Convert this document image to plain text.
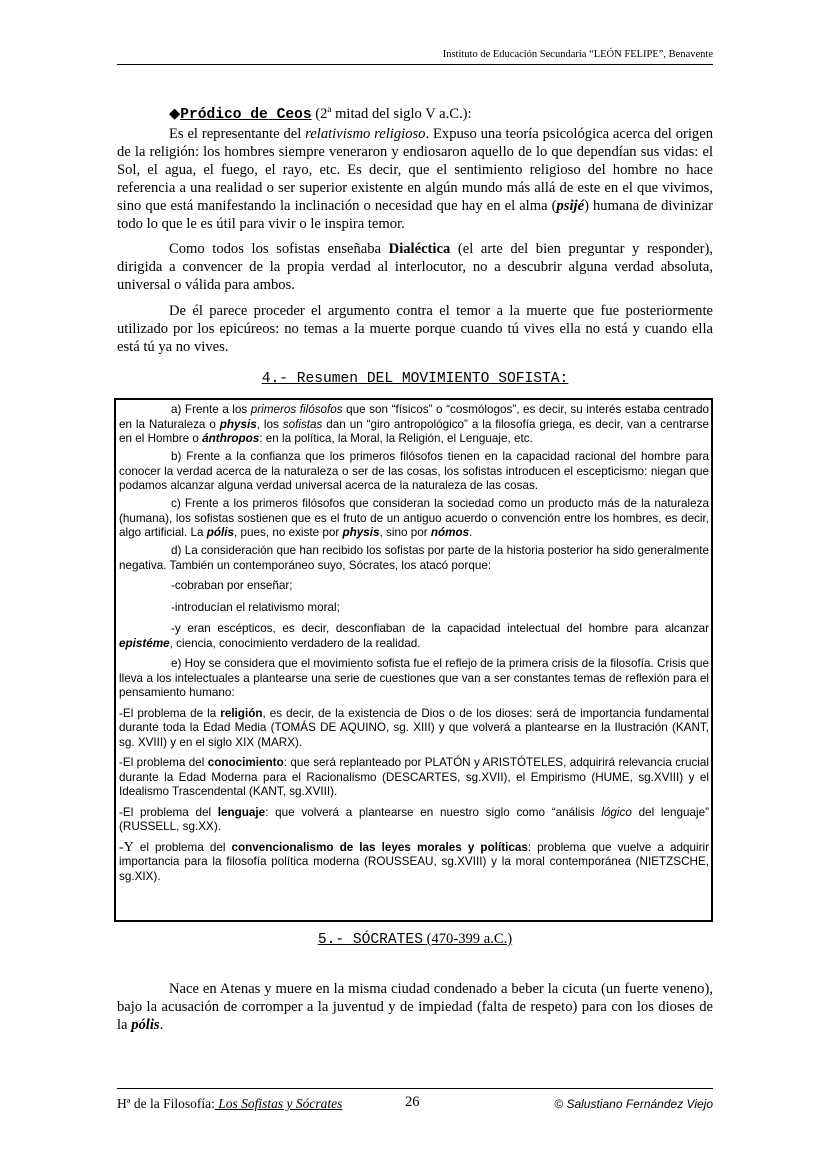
Instituto de Educación Secundaria “LEÓN FELIPE”, Benavente
◆Pródico de Ceos (2$^a$ mitad del siglo V a.C.):
Es el representante del relativismo religioso. Expuso una teoría psicológica acerca del origen de la religión: los hombres siempre veneraron y endiosaron aquello de lo que dependían sus vidas: el Sol, el agua, el fuego, el rayo, etc. Es decir, que el sentimiento religioso del hombre no hace referencia a una realidad o ser superior existente en algún mundo más allá de este en el que vivimos, sino que está manifestando la inclinación o necesidad que hay en el alma (psijé) humana de divinizar todo lo que le es útil para vivir o le inspira temor.
Como todos los sofistas enseñaba Dialéctica (el arte del bien preguntar y responder), dirigida a convencer de la propia verdad al interlocutor, no a descubrir alguna verdad absoluta, universal o válida para ambos.
De él parece proceder el argumento contra el temor a la muerte que fue posteriormente utilizado por los epicúreos: no temas a la muerte porque cuando tú vives ella no está y cuando ella está tú ya no vives.
4.- Resumen DEL MOVIMIENTO SOFISTA:
a) Frente a los primeros filósofos que son “físicos” o “cosmólogos”, es decir, su interés estaba centrado en la Naturaleza o physis, los sofistas dan un “giro antropológico” a la filosofía griega, es decir, van a centrarse en el Hombre o ánthropos: en la política, la Moral, la Religión, el Lenguaje, etc.
b) Frente a la confianza que los primeros filósofos tienen en la capacidad racional del hombre para conocer la verdad acerca de la naturaleza o ser de las cosas, los sofistas introducen el escepticismo: niegan que podamos alcanzar alguna verdad universal acerca de la naturaleza de las cosas.
c) Frente a los primeros filósofos que consideran la sociedad como un producto más de la naturaleza (humana), los sofistas sostienen que es el fruto de un antiguo acuerdo o convención entre los hombres, es decir, algo artificial. La pólis, pues, no existe por physis, sino por nómos.
d) La consideración que han recibido los sofistas por parte de la historia posterior ha sido generalmente negativa. También un contemporáneo suyo, Sócrates, los atacó porque:
-cobraban por enseñar;
-introducían el relativismo moral;
-y eran escépticos, es decir, desconfiaban de la capacidad intelectual del hombre para alcanzar epistéme, ciencia, conocimiento verdadero de la realidad.
e) Hoy se considera que el movimiento sofista fue el reflejo de la primera crisis de la filosofía. Crisis que lleva a los intelectuales a plantearse una serie de cuestiones que van a ser constantes temas de reflexión para el pensamiento humano:
-El problema de la religión, es decir, de la existencia de Dios o de los dioses: será de importancia fundamental durante toda la Edad Media (TOMÁS DE AQUINO, sg. XIII) y que volverá a plantearse en la Ilustración (KANT, sg. XVIII) y en el siglo XIX (MARX).
-El problema del conocimiento: que será replanteado por PLATÓN y ARISTÓTELES, adquirirá relevancia crucial durante la Edad Moderna para el Racionalismo (DESCARTES, sg.XVII), el Empirismo (HUME, sg.XVIII) y el Idealismo Trascendental (KANT, sg.XVIII).
-El problema del lenguaje: que volverá a plantearse en nuestro siglo como “análisis lógico del lenguaje” (RUSSELL, sg.XX).
-Y el problema del convencionalismo de las leyes morales y políticas: problema que vuelve a adquirir importancia para la filosofía política moderna (ROUSSEAU, sg.XVIII) y la moral contemporánea (NIETZSCHE, sg.XIX).
5.- SÓCRATES (470-399 a.C.)
Nace en Atenas y muere en la misma ciudad condenado a beber la cicuta (un fuerte veneno), bajo la acusación de corromper a la juventud y de impiedad (falta de respeto) para con los dioses de la pólis.
Hª de la Filosofía: Los Sofistas y Sócrates	26	© Salustiano Fernández Viejo
